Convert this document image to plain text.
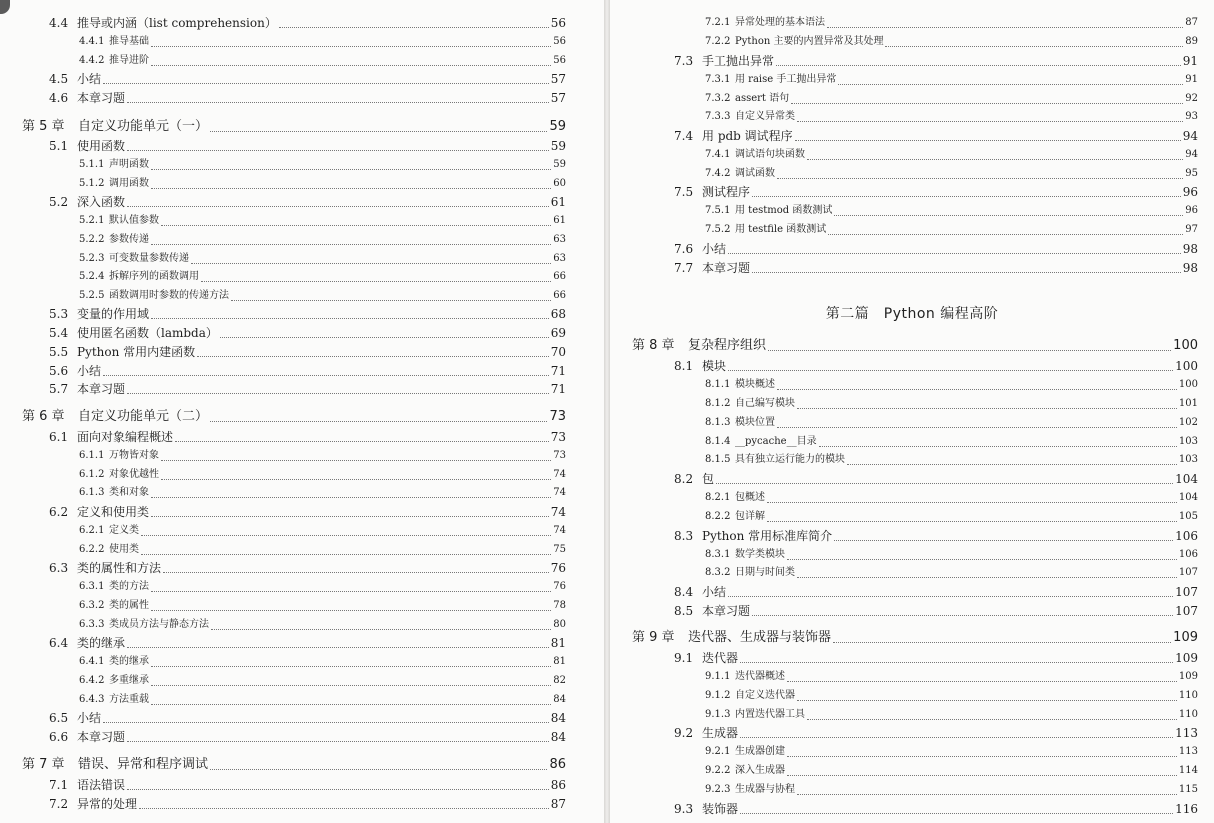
4.4 推导或内涵（list comprehension）	56
4.4.1 推导基础	56
4.4.2 推导进阶	56
4.5 小结	57
4.6 本章习题	57
第 5 章	自定义功能单元（一）	59
5.1 使用函数	59
5.1.1 声明函数	59
5.1.2 调用函数	60
5.2 深入函数	61
5.2.1 默认值参数	61
5.2.2 参数传递	63
5.2.3 可变数量参数传递	63
5.2.4 拆解序列的函数调用	66
5.2.5 函数调用时参数的传递方法	66
5.3 变量的作用域	68
5.4 使用匿名函数（lambda）	69
5.5 Python 常用内建函数	70
5.6 小结	71
5.7 本章习题	71
第 6 章	自定义功能单元（二）	73
6.1 面向对象编程概述	73
6.1.1 万物皆对象	73
6.1.2 对象优越性	74
6.1.3 类和对象	74
6.2 定义和使用类	74
6.2.1 定义类	74
6.2.2 使用类	75
6.3 类的属性和方法	76
6.3.1 类的方法	76
6.3.2 类的属性	78
6.3.3 类成员方法与静态方法	80
6.4 类的继承	81
6.4.1 类的继承	81
6.4.2 多重继承	82
6.4.3 方法重载	84
6.5 小结	84
6.6 本章习题	84
第 7 章	错误、异常和程序调试	86
7.1 语法错误	86
7.2 异常的处理	87
7.2.1 异常处理的基本语法	87
7.2.2 Python 主要的内置异常及其处理	89
7.3 手工抛出异常	91
7.3.1 用 raise 手工抛出异常	91
7.3.2 assert 语句	92
7.3.3 自定义异常类	93
7.4 用 pdb 调试程序	94
7.4.1 调试语句块函数	94
7.4.2 调试函数	95
7.5 测试程序	96
7.5.1 用 testmod 函数测试	96
7.5.2 用 testfile 函数测试	97
7.6 小结	98
7.7 本章习题	98
第 8 章	复杂程序组织	100
8.1 模块	100
8.1.1 模块概述	100
8.1.2 自己编写模块	101
8.1.3 模块位置	102
8.1.4 __pycache__目录	103
8.1.5 具有独立运行能力的模块	103
8.2 包	104
8.2.1 包概述	104
8.2.2 包详解	105
8.3 Python 常用标准库简介	106
8.3.1 数学类模块	106
8.3.2 日期与时间类	107
8.4 小结	107
8.5 本章习题	107
第 9 章	迭代器、生成器与装饰器	109
9.1 迭代器	109
9.1.1 迭代器概述	109
9.1.2 自定义迭代器	110
9.1.3 内置迭代器工具	110
9.2 生成器	113
9.2.1 生成器创建	113
9.2.2 深入生成器	114
9.2.3 生成器与协程	115
9.3 装饰器	116
第二篇　Python 编程高阶
